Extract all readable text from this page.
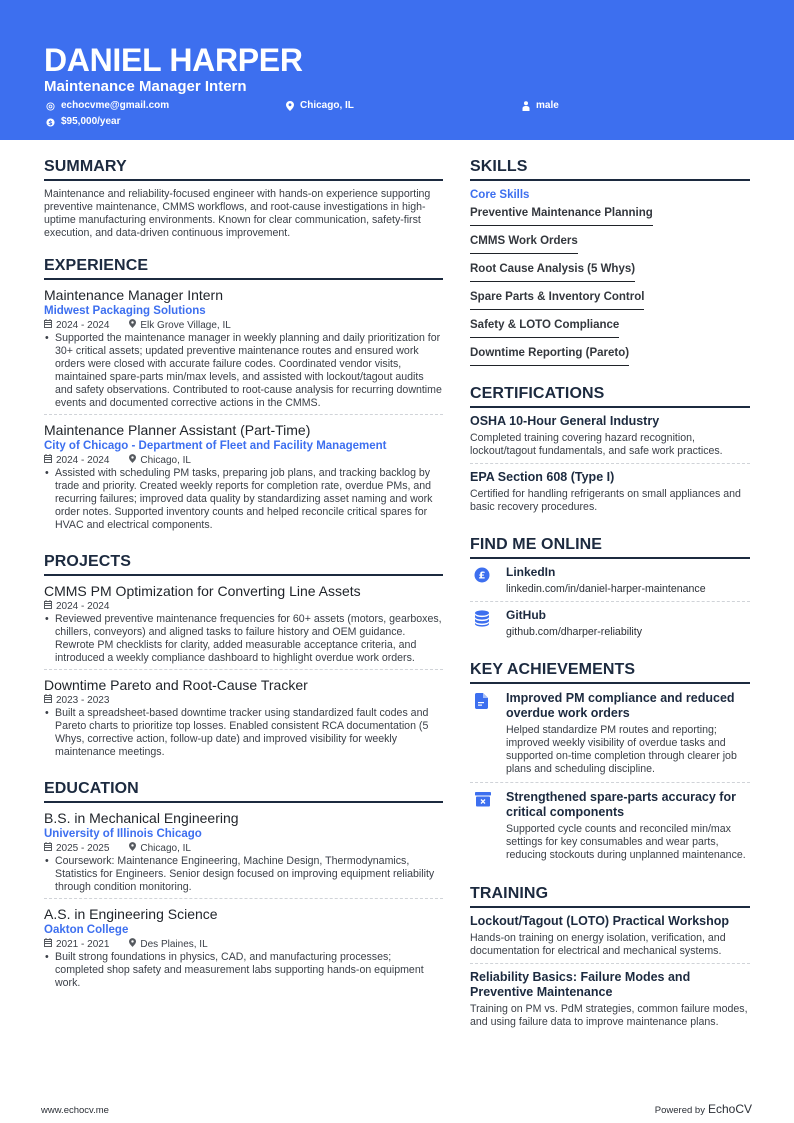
DANIEL HARPER
Maintenance Manager Intern
echocvme@gmail.com	Chicago, IL	male
$ $95,000/year
SUMMARY
Maintenance and reliability-focused engineer with hands-on experience supporting preventive maintenance, CMMS workflows, and root-cause investigations in high-uptime manufacturing environments. Known for clear communication, safety-first execution, and data-driven continuous improvement.
EXPERIENCE
Maintenance Manager Intern
Midwest Packaging Solutions
2024 - 2024	Elk Grove Village, IL
• Supported the maintenance manager in weekly planning and daily prioritization for 30+ critical assets; updated preventive maintenance routes and ensured work orders were closed with accurate failure codes. Coordinated vendor visits, maintained spare-parts min/max levels, and assisted with lockout/tagout audits and safety observations. Contributed to root-cause analysis for recurring downtime events and documented corrective actions in the CMMS.
Maintenance Planner Assistant (Part-Time)
City of Chicago - Department of Fleet and Facility Management
2024 - 2024	Chicago, IL
• Assisted with scheduling PM tasks, preparing job plans, and tracking backlog by trade and priority. Created weekly reports for completion rate, overdue PMs, and recurring failures; improved data quality by standardizing asset naming and work order notes. Supported inventory counts and helped reconcile critical spares for HVAC and electrical components.
PROJECTS
CMMS PM Optimization for Converting Line Assets
2024 - 2024
• Reviewed preventive maintenance frequencies for 60+ assets (motors, gearboxes, chillers, conveyors) and aligned tasks to failure history and OEM guidance. Rewrote PM checklists for clarity, added measurable acceptance criteria, and introduced a weekly compliance dashboard to highlight overdue work orders.
Downtime Pareto and Root-Cause Tracker
2023 - 2023
• Built a spreadsheet-based downtime tracker using standardized fault codes and Pareto charts to prioritize top losses. Enabled consistent RCA documentation (5 Whys, corrective action, follow-up date) and improved visibility for weekly maintenance meetings.
EDUCATION
B.S. in Mechanical Engineering
University of Illinois Chicago
2025 - 2025	Chicago, IL
• Coursework: Maintenance Engineering, Machine Design, Thermodynamics, Statistics for Engineers. Senior design focused on improving equipment reliability through condition monitoring.
A.S. in Engineering Science
Oakton College
2021 - 2021	Des Plaines, IL
• Built strong foundations in physics, CAD, and manufacturing processes; completed shop safety and measurement labs supporting hands-on equipment work.
SKILLS
Core Skills
Preventive Maintenance Planning
CMMS Work Orders
Root Cause Analysis (5 Whys)
Spare Parts & Inventory Control
Safety & LOTO Compliance
Downtime Reporting (Pareto)
CERTIFICATIONS
OSHA 10-Hour General Industry
Completed training covering hazard recognition, lockout/tagout fundamentals, and safe work practices.
EPA Section 608 (Type I)
Certified for handling refrigerants on small appliances and basic recovery procedures.
FIND ME ONLINE
£ LinkedIn
linkedin.com/in/daniel-harper-maintenance
GitHub
github.com/dharper-reliability
KEY ACHIEVEMENTS
Improved PM compliance and reduced overdue work orders
Helped standardize PM routes and reporting; improved weekly visibility of overdue tasks and supported on-time completion through clearer job plans and scheduling discipline.
Strengthened spare-parts accuracy for critical components
Supported cycle counts and reconciled min/max settings for key consumables and wear parts, reducing stockouts during unplanned maintenance.
TRAINING
Lockout/Tagout (LOTO) Practical Workshop
Hands-on training on energy isolation, verification, and documentation for electrical and mechanical systems.
Reliability Basics: Failure Modes and Preventive Maintenance
Training on PM vs. PdM strategies, common failure modes, and using failure data to improve maintenance plans.
www.echocv.me	Powered by EchoCV
